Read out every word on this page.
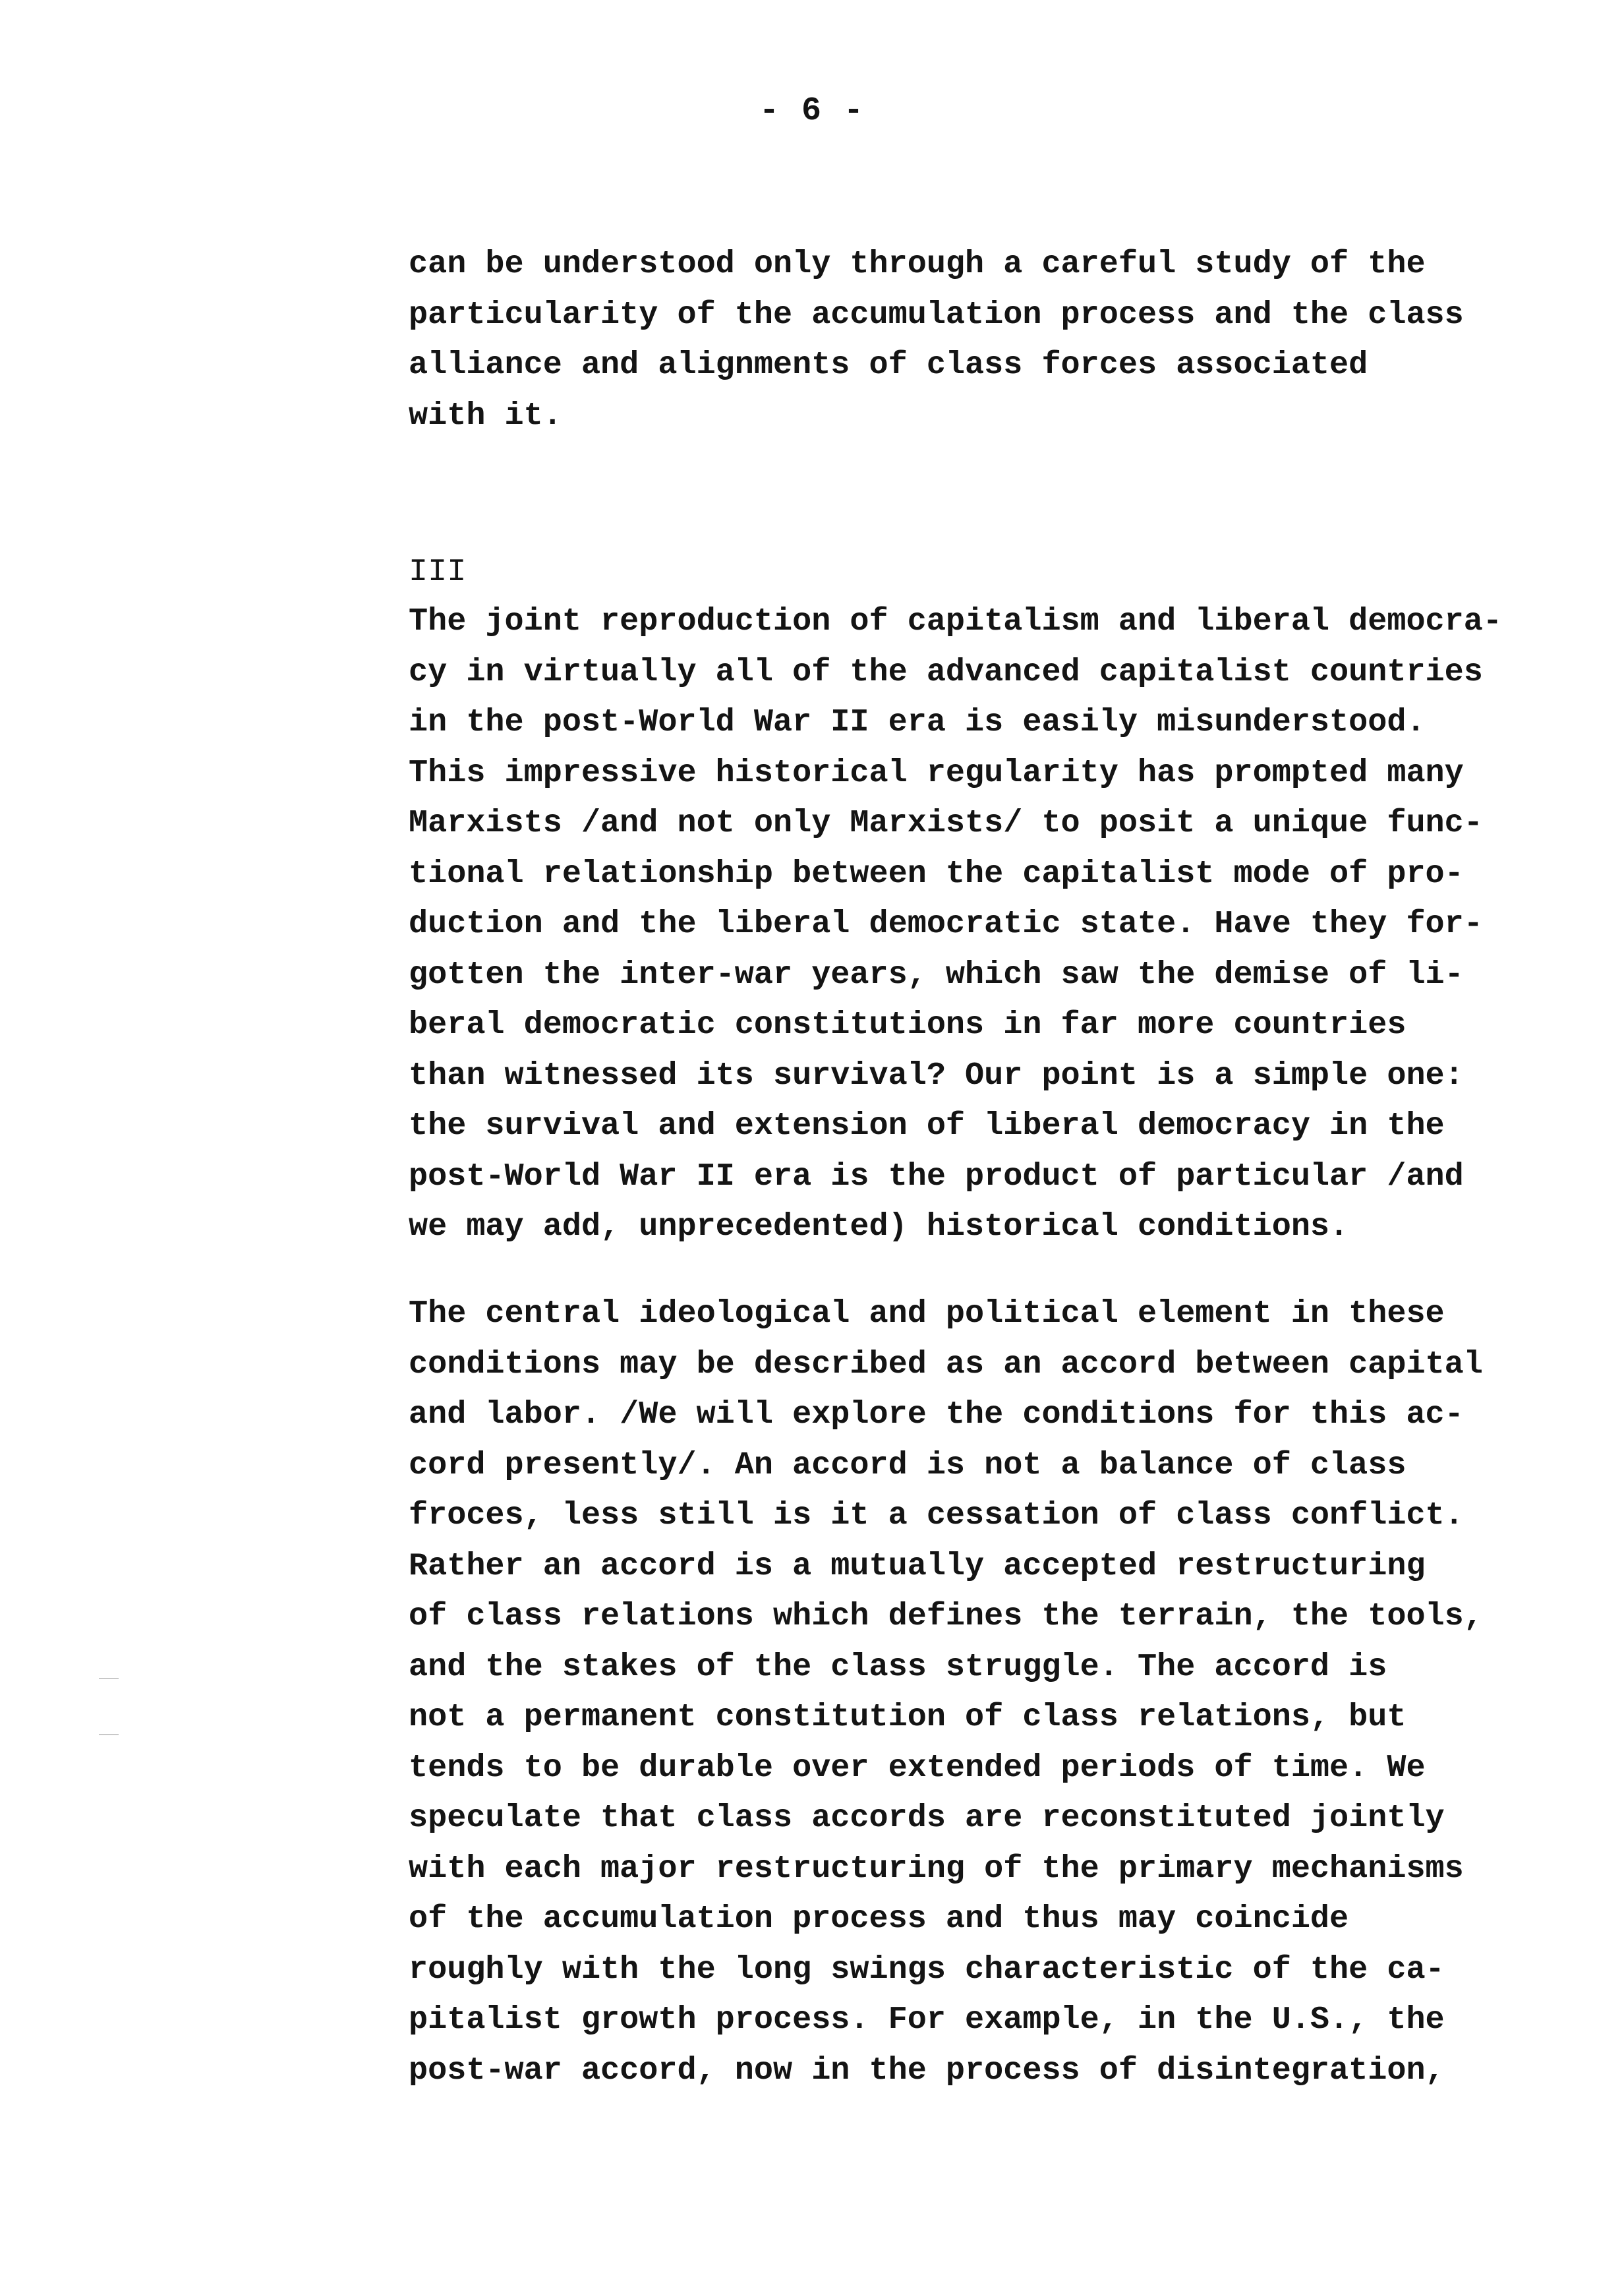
- 6 -
can be understood only through a careful study of the
particularity of the accumulation process and the class
alliance and alignments of class forces associated
with it.
III
The joint reproduction of capitalism and liberal democra-
cy in virtually all of the advanced capitalist countries
in the post-World War II era is easily misunderstood.
This impressive historical regularity has prompted many
Marxists /and not only Marxists/ to posit a unique func-
tional relationship between the capitalist mode of pro-
duction and the liberal democratic state. Have they for-
gotten the inter-war years, which saw the demise of li-
beral democratic constitutions in far more countries
than witnessed its survival? Our point is a simple one:
the survival and extension of liberal democracy in the
post-World War II era is the product of particular /and
we may add, unprecedented) historical conditions.
The central ideological and political element in these
conditions may be described as an accord between capital
and labor. /We will explore the conditions for this ac-
cord presently/. An accord is not a balance of class
froces, less still is it a cessation of class conflict.
Rather an accord is a mutually accepted restructuring
of class relations which defines the terrain, the tools,
and the stakes of the class struggle. The accord is
not a permanent constitution of class relations, but
tends to be durable over extended periods of time. We
speculate that class accords are reconstituted jointly
with each major restructuring of the primary mechanisms
of the accumulation process and thus may coincide
roughly with the long swings characteristic of the ca-
pitalist growth process. For example, in the U.S., the
post-war accord, now in the process of disintegration,
